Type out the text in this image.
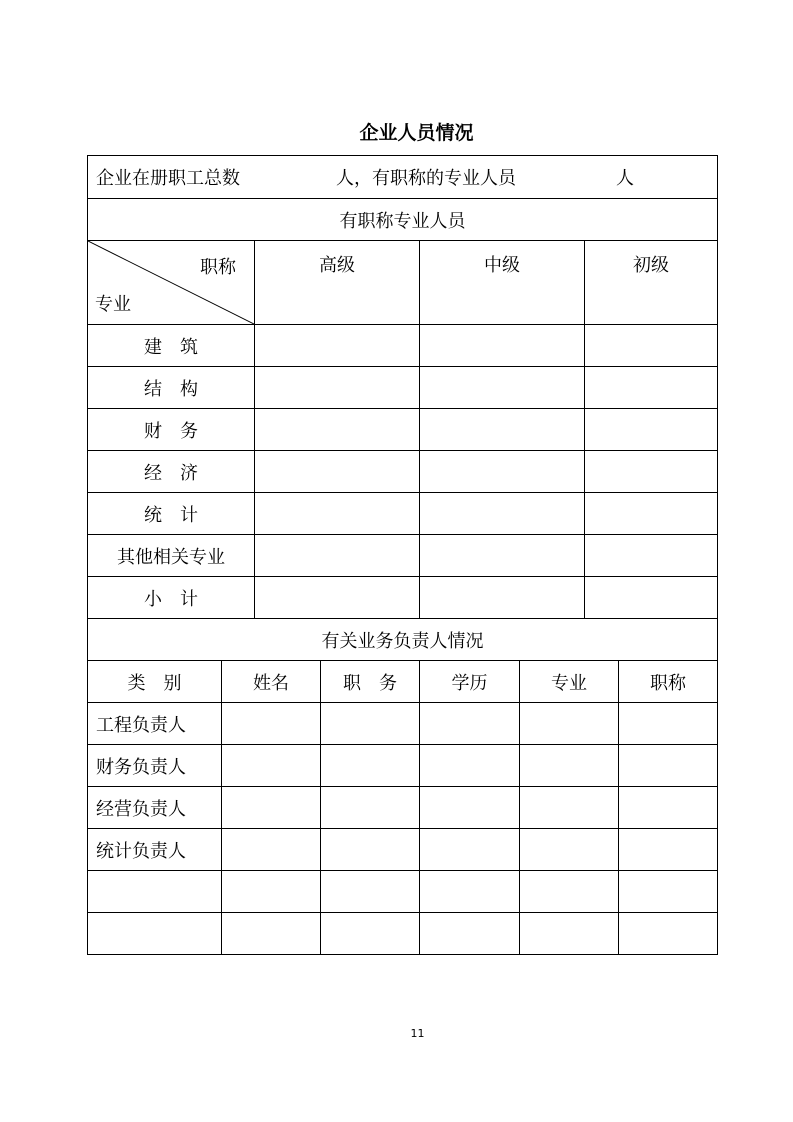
企业人员情况
企业在册职工总数	人，有职称的专业人员	人
有职称专业人员
职称
专业
高级	中级	初级
建　筑
结　构
财　务
经　济
统　计
其他相关专业
小　计
有关业务负责人情况
类　别	姓名	职　务	学历	专业	职称
工程负责人
财务负责人
经营负责人
统计负责人
11
